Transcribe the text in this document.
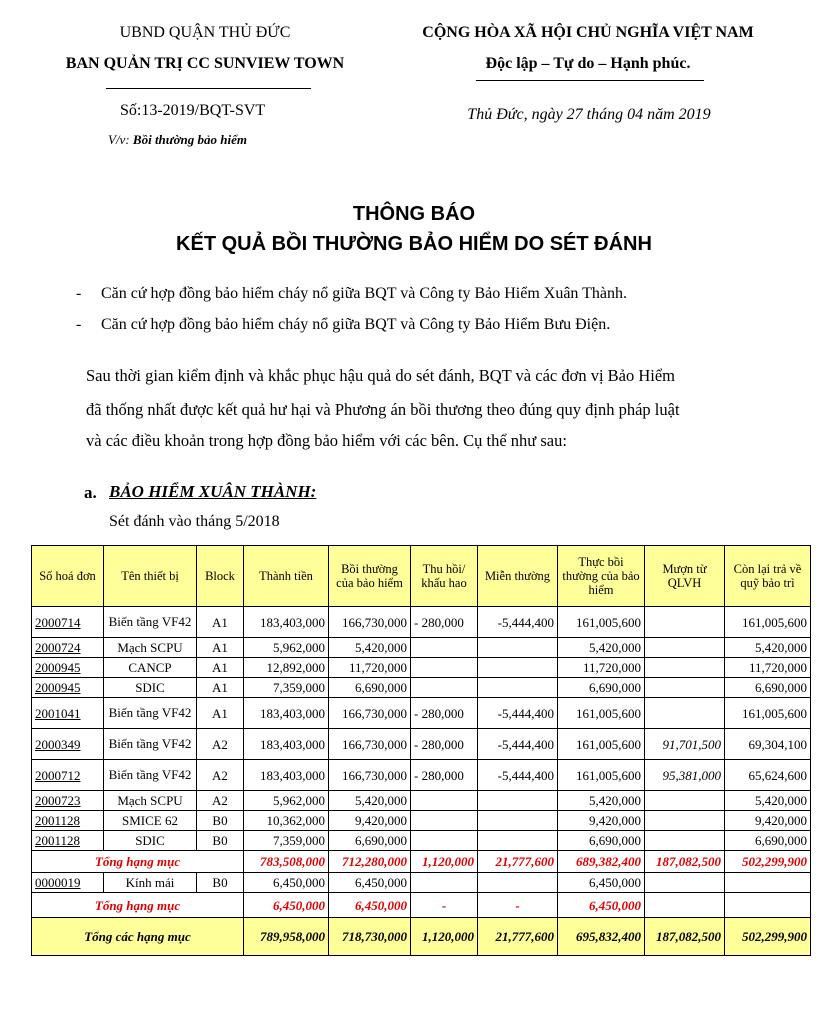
UBND QUẬN THỦ ĐỨC
BAN QUẢN TRỊ CC SUNVIEW TOWN
CỘNG HÒA XÃ HỘI CHỦ NGHĨA VIỆT NAM
Độc lập – Tự do – Hạnh phúc.
Số:13-2019/BQT-SVT
V/v: Bồi thường bảo hiểm
Thủ Đức, ngày 27 tháng 04 năm 2019
THÔNG BÁO
KẾT QUẢ BỒI THƯỜNG BẢO HIỂM DO SÉT ĐÁNH
- Căn cứ hợp đồng bảo hiểm cháy nổ giữa BQT và Công ty Bảo Hiểm Xuân Thành.
- Căn cứ hợp đồng bảo hiểm cháy nổ giữa BQT và Công ty Bảo Hiểm Bưu Điện.
Sau thời gian kiểm định và khắc phục hậu quả do sét đánh, BQT và các đơn vị Bảo Hiểm
đã thống nhất được kết quả hư hại và Phương án bồi thương theo đúng quy định pháp luật
và các điều khoản trong hợp đồng bảo hiểm với các bên. Cụ thể như sau:
a. BẢO HIỂM XUÂN THÀNH:
Sét đánh vào tháng 5/2018
Số hoá đơn	Tên thiết bị	Block	Thành tiền	Bồi thường của bảo hiểm	Thu hồi/ khấu hao	Miễn thường	Thực bồi thường của bảo hiểm	Mượn từ QLVH	Còn lại trả về quỹ bảo trì
2000714	Biến tầng VF42	A1	183,403,000	166,730,000	- 280,000	-5,444,400	161,005,600		161,005,600
2000724	Mạch SCPU	A1	5,962,000	5,420,000			5,420,000		5,420,000
2000945	CANCP	A1	12,892,000	11,720,000			11,720,000		11,720,000
2000945	SDIC	A1	7,359,000	6,690,000			6,690,000		6,690,000
2001041	Biến tầng VF42	A1	183,403,000	166,730,000	- 280,000	-5,444,400	161,005,600		161,005,600
2000349	Biến tầng VF42	A2	183,403,000	166,730,000	- 280,000	-5,444,400	161,005,600	91,701,500	69,304,100
2000712	Biến tầng VF42	A2	183,403,000	166,730,000	- 280,000	-5,444,400	161,005,600	95,381,000	65,624,600
2000723	Mạch SCPU	A2	5,962,000	5,420,000			5,420,000		5,420,000
2001128	SMICE 62	B0	10,362,000	9,420,000			9,420,000		9,420,000
2001128	SDIC	B0	7,359,000	6,690,000			6,690,000		6,690,000
Tổng hạng mục			783,508,000	712,280,000	1,120,000	21,777,600	689,382,400	187,082,500	502,299,900
0000019	Kính mái	B0	6,450,000	6,450,000			6,450,000		
Tổng hạng mục			6,450,000	6,450,000	-	-	6,450,000		
Tổng các hạng mục			789,958,000	718,730,000	1,120,000	21,777,600	695,832,400	187,082,500	502,299,900
